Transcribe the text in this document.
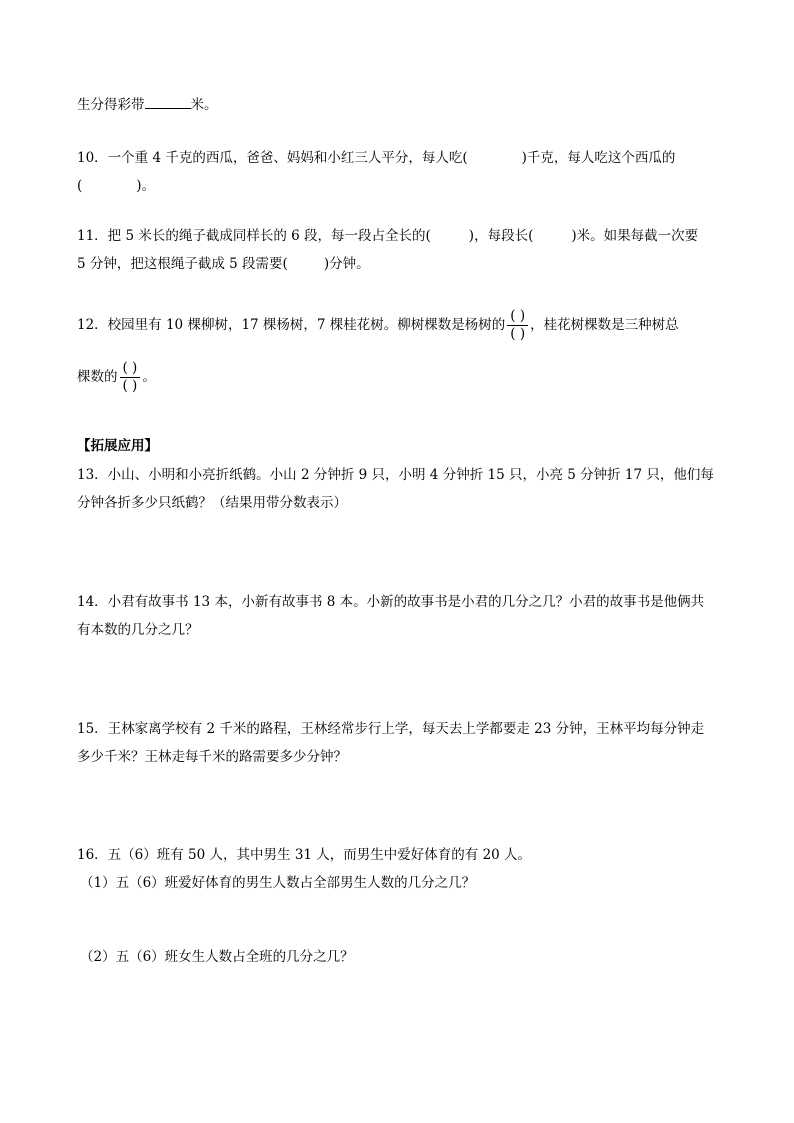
生分得彩带	米。
10．一个重 4 千克的西瓜，爸爸、妈妈和小红三人平分，每人吃(	)千克，每人吃这个西瓜的
(	)。
11．把 5 米长的绳子截成同样长的 6 段，每一段占全长的(	)，每段长(	)米。如果每截一次要
5 分钟，把这根绳子截成 5 段需要(	)分钟。
12．校园里有 10 棵柳树，17 棵杨树，7 棵桂花树。柳树棵数是杨树的 $\frac{( )}{( )}$ ，桂花树棵数是三种树总
棵数的 $\frac{( )}{( )}$ 。
【拓展应用】
13．小山、小明和小亮折纸鹤。小山 2 分钟折 9 只，小明 4 分钟折 15 只，小亮 5 分钟折 17 只，他们每
分钟各折多少只纸鹤？（结果用带分数表示）
14．小君有故事书 13 本，小新有故事书 8 本。小新的故事书是小君的几分之几？小君的故事书是他俩共
有本数的几分之几？
15．王林家离学校有 2 千米的路程，王林经常步行上学，每天去上学都要走 23 分钟，王林平均每分钟走
多少千米？王林走每千米的路需要多少分钟？
16．五（6）班有 50 人，其中男生 31 人，而男生中爱好体育的有 20 人。
（1）五（6）班爱好体育的男生人数占全部男生人数的几分之几？
（2）五（6）班女生人数占全班的几分之几？
